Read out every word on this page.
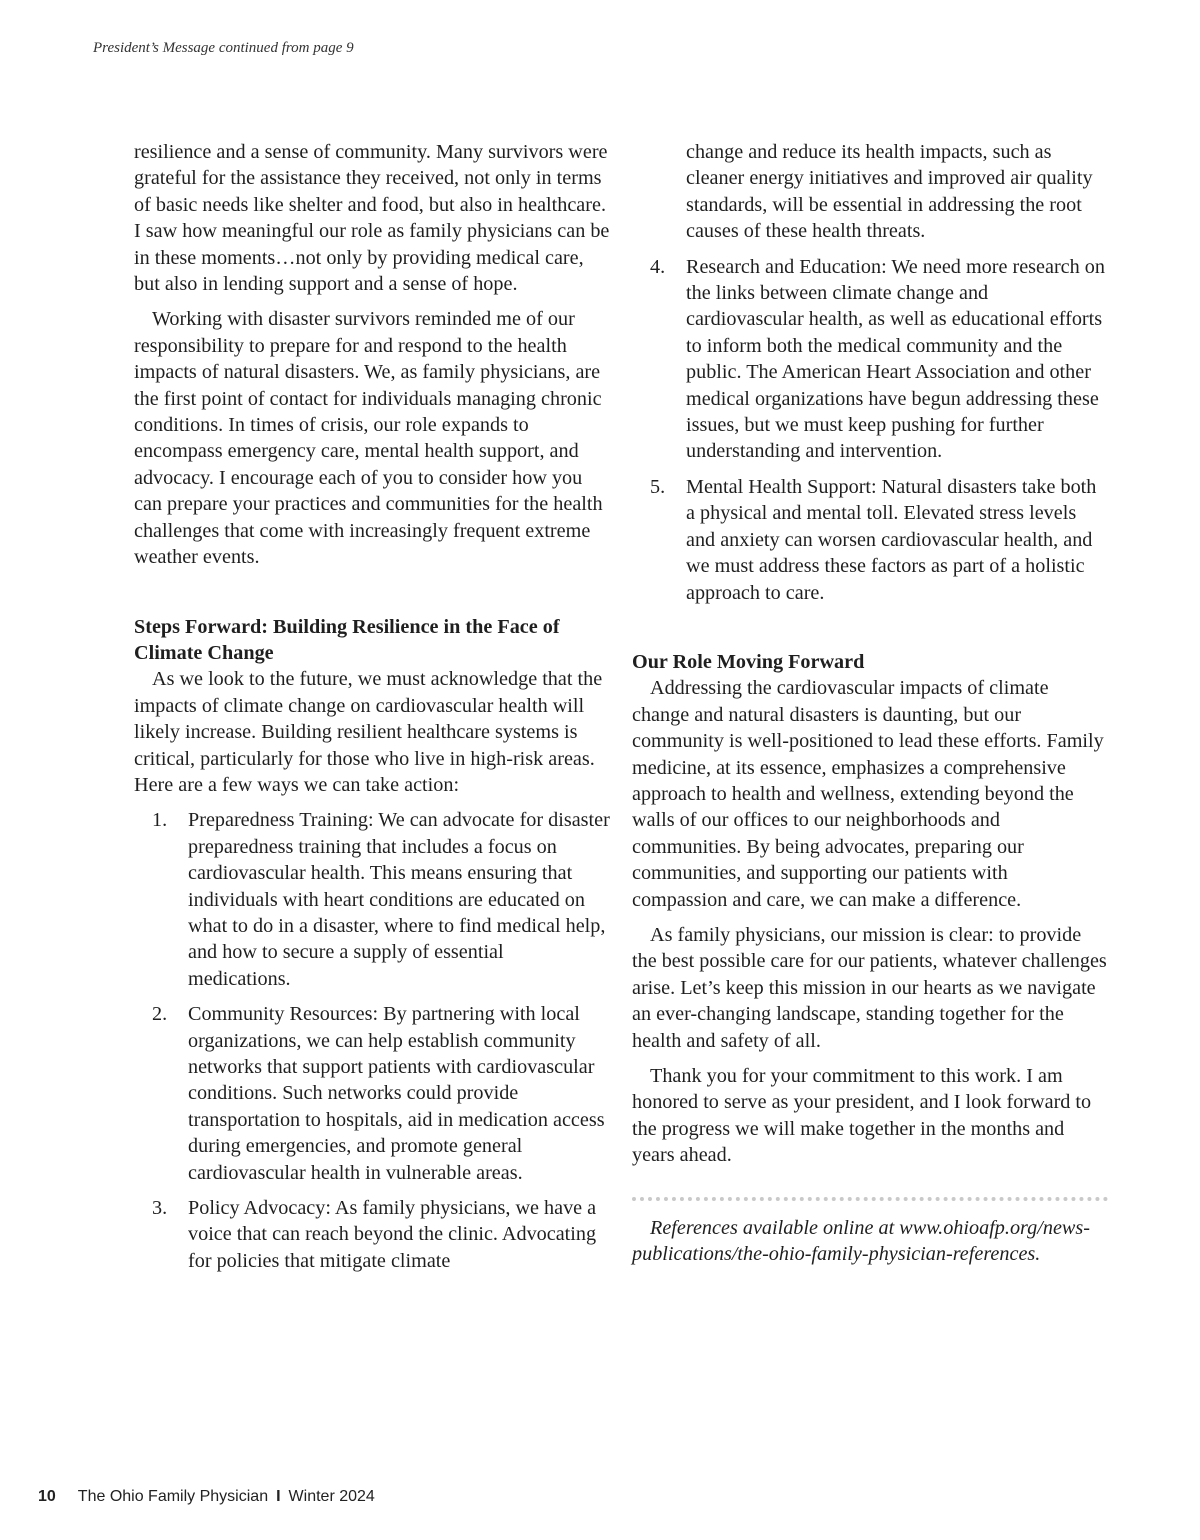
President’s Message continued from page 9

resilience and a sense of community. Many survivors were grateful for the assistance they received, not only in terms of basic needs like shelter and food, but also in healthcare. I saw how meaningful our role as family physicians can be in these moments…not only by providing medical care, but also in lending support and a sense of hope.

Working with disaster survivors reminded me of our responsibility to prepare for and respond to the health impacts of natural disasters. We, as family physicians, are the first point of contact for individuals managing chronic conditions. In times of crisis, our role expands to encompass emergency care, mental health support, and advocacy. I encourage each of you to consider how you can prepare your practices and communities for the health challenges that come with increasingly frequent extreme weather events.

Steps Forward: Building Resilience in the Face of Climate Change

As we look to the future, we must acknowledge that the impacts of climate change on cardiovascular health will likely increase. Building resilient healthcare systems is critical, particularly for those who live in high-risk areas. Here are a few ways we can take action:

1.	Preparedness Training: We can advocate for disaster preparedness training that includes a focus on cardiovascular health. This means ensuring that individuals with heart conditions are educated on what to do in a disaster, where to find medical help, and how to secure a supply of essential medications.
2.	Community Resources: By partnering with local organizations, we can help establish community networks that support patients with cardiovascular conditions. Such networks could provide transportation to hospitals, aid in medication access during emergencies, and promote general cardiovascular health in vulnerable areas.
3.	Policy Advocacy: As family physicians, we have a voice that can reach beyond the clinic. Advocating for policies that mitigate climate
change and reduce its health impacts, such as cleaner energy initiatives and improved air quality standards, will be essential in addressing the root causes of these health threats.
4.	Research and Education: We need more research on the links between climate change and cardiovascular health, as well as educational efforts to inform both the medical community and the public. The American Heart Association and other medical organizations have begun addressing these issues, but we must keep pushing for further understanding and intervention.
5.	Mental Health Support: Natural disasters take both a physical and mental toll. Elevated stress levels and anxiety can worsen cardiovascular health, and we must address these factors as part of a holistic approach to care.
Our Role Moving Forward

Addressing the cardiovascular impacts of climate change and natural disasters is daunting, but our community is well-positioned to lead these efforts. Family medicine, at its essence, emphasizes a comprehensive approach to health and wellness, extending beyond the walls of our offices to our neighborhoods and communities. By being advocates, preparing our communities, and supporting our patients with compassion and care, we can make a difference.

As family physicians, our mission is clear: to provide the best possible care for our patients, whatever challenges arise. Let’s keep this mission in our hearts as we navigate an ever-changing landscape, standing together for the health and safety of all.

Thank you for your commitment to this work. I am honored to serve as your president, and I look forward to the progress we will make together in the months and years ahead.

References available online at www.ohioafp.org/news-publications/the-ohio-family-physician-references.

10 The Ohio Family Physician I Winter 2024
